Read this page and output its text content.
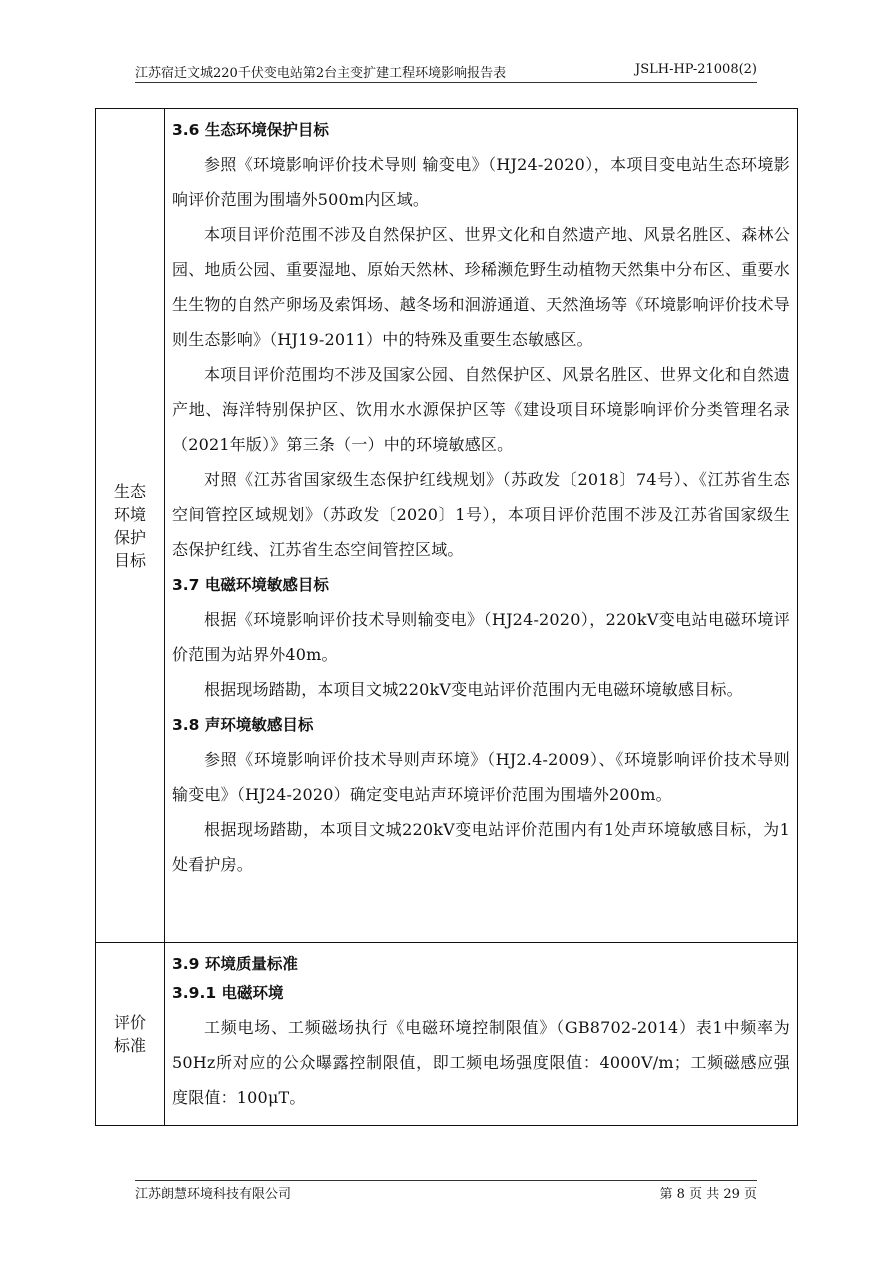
江苏宿迁文城220千伏变电站第2台主变扩建工程环境影响报告表	JSLH-HP-21008(2)
生态
环境
保护
目标

3.6 生态环境保护目标

参照《环境影响评价技术导则 输变电》（HJ24-2020），本项目变电站生态环境影响评价范围为围墙外500m内区域。

本项目评价范围不涉及自然保护区、世界文化和自然遗产地、风景名胜区、森林公园、地质公园、重要湿地、原始天然林、珍稀濒危野生动植物天然集中分布区、重要水生生物的自然产卵场及索饵场、越冬场和洄游通道、天然渔场等《环境影响评价技术导则生态影响》（HJ19-2011）中的特殊及重要生态敏感区。

本项目评价范围均不涉及国家公园、自然保护区、风景名胜区、世界文化和自然遗产地、海洋特别保护区、饮用水水源保护区等《建设项目环境影响评价分类管理名录（2021年版）》第三条（一）中的环境敏感区。

对照《江苏省国家级生态保护红线规划》（苏政发〔2018〕74号）、《江苏省生态空间管控区域规划》（苏政发〔2020〕1号），本项目评价范围不涉及江苏省国家级生态保护红线、江苏省生态空间管控区域。

3.7 电磁环境敏感目标

根据《环境影响评价技术导则输变电》（HJ24-2020），220kV变电站电磁环境评价范围为站界外40m。

根据现场踏勘，本项目文城220kV变电站评价范围内无电磁环境敏感目标。

3.8 声环境敏感目标

参照《环境影响评价技术导则声环境》（HJ2.4-2009）、《环境影响评价技术导则输变电》（HJ24-2020）确定变电站声环境评价范围为围墙外200m。

根据现场踏勘，本项目文城220kV变电站评价范围内有1处声环境敏感目标，为1处看护房。

评价
标准

3.9 环境质量标准

3.9.1 电磁环境

工频电场、工频磁场执行《电磁环境控制限值》（GB8702-2014）表1中频率为50Hz所对应的公众曝露控制限值，即工频电场强度限值：4000V/m；工频磁感应强度限值：100μT。

江苏朗慧环境科技有限公司	第 8 页 共 29 页
